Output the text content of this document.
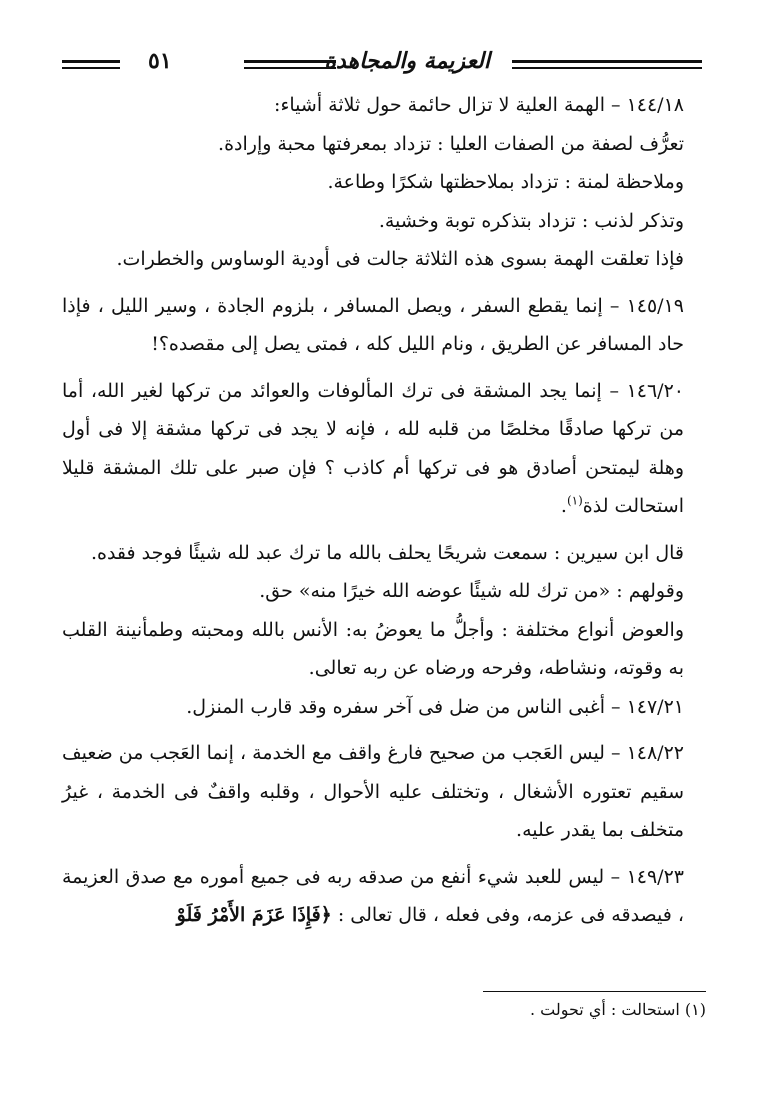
٥١	العزيمة والمجاهدة

١٤٤/١٨ – الهمة العلية لا تزال حائمة حول ثلاثة أشياء:

تعرُّف لصفة من الصفات العليا : تزداد بمعرفتها محبة وإرادة.

وملاحظة لمنة : تزداد بملاحظتها شكرًا وطاعة.

وتذكر لذنب : تزداد بتذكره توبة وخشية.

فإذا تعلقت الهمة بسوى هذه الثلاثة جالت فى أودية الوساوس والخطرات.

١٤٥/١٩ – إنما يقطع السفر ، ويصل المسافر ، بلزوم الجادة ، وسير الليل ، فإذا حاد المسافر عن الطريق ، ونام الليل كله ، فمتى يصل إلى مقصده؟!

١٤٦/٢٠ – إنما يجد المشقة فى ترك المألوفات والعوائد من تركها لغير الله، أما من تركها صادقًا مخلصًا من قلبه لله ، فإنه لا يجد فى تركها مشقة إلا فى أول وهلة ليمتحن أصادق هو فى تركها أم كاذب ؟ فإن صبر على تلك المشقة قليلا استحالت لذة$^{(١)}$.

قال ابن سيرين : سمعت شريحًا يحلف بالله ما ترك عبد لله شيئًا فوجد فقده.

وقولهم : «من ترك لله شيئًا عوضه الله خيرًا منه» حق.

والعوض أنواع مختلفة : وأجلُّ ما يعوضُ به: الأنس بالله ومحبته وطمأنينة القلب به وقوته، ونشاطه، وفرحه ورضاه عن ربه تعالى.

١٤٧/٢١ – أغبى الناس من ضل فى آخر سفره وقد قارب المنزل.

١٤٨/٢٢ – ليس العَجب من صحيح فارغ واقف مع الخدمة ، إنما العَجب من ضعيف سقيم تعتوره الأشغال ، وتختلف عليه الأحوال ، وقلبه واقفٌ فى الخدمة ، غيرُ متخلف بما يقدر عليه.

١٤٩/٢٣ – ليس للعبد شيء أنفع من صدقه ربه فى جميع أموره مع صدق العزيمة ، فيصدقه فى عزمه، وفى فعله ، قال تعالى : ﴿فَإِذَا عَزَمَ الأَمْرُ فَلَوْ

(١) استحالت : أي تحولت .
